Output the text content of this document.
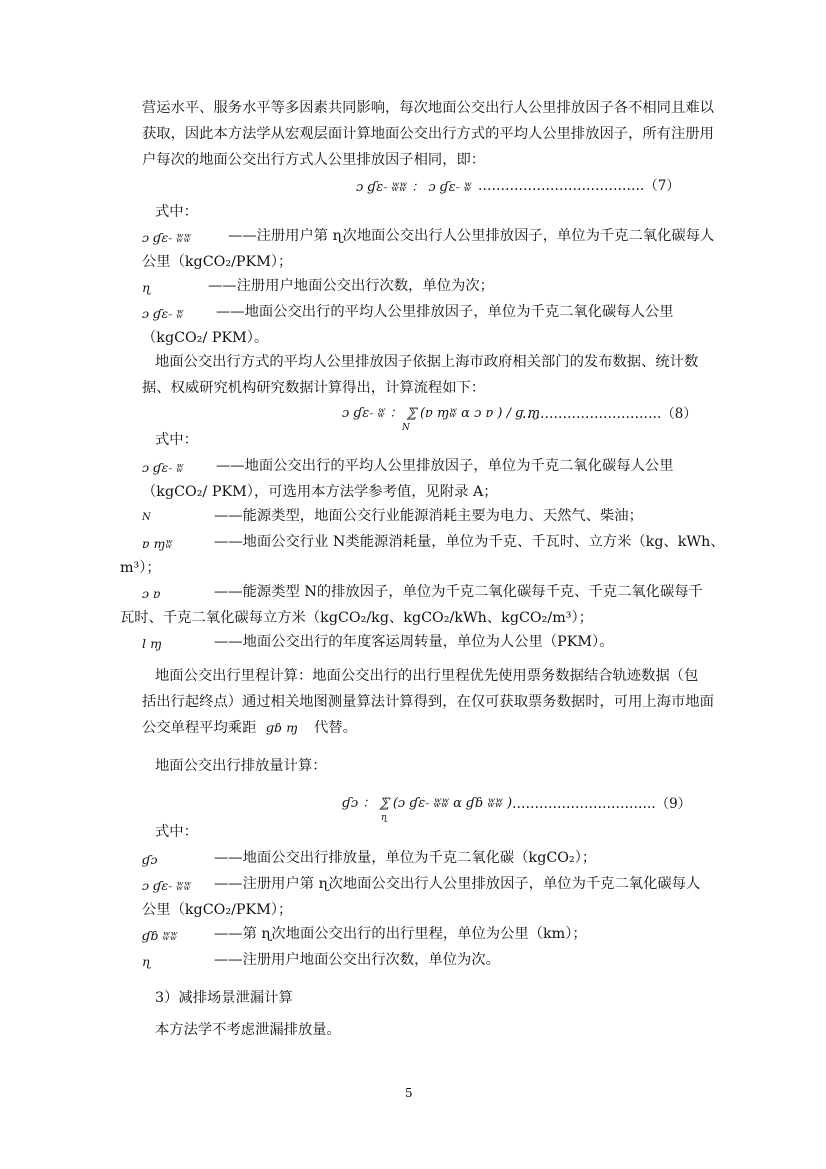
营运水平、服务水平等多因素共同影响，每次地面公交出行人公里排放因子各不相同且难以
获取，因此本方法学从宏观层面计算地面公交出行方式的平均人公里排放因子，所有注册用
户每次的地面公交出行方式人公里排放因子相同，即：
ɔ ɠɛ ̵ ʬʬ ： ɔ ɠɛ ̵ ʬ ……………………………….（7）
式中：
ɔ ɠɛ ̵ ʬʬ	——注册用户第 ɳ次地面公交出行人公里排放因子，单位为千克二氧化碳每人
公里（kgCO₂/PKM）；
ɳ	——注册用户地面公交出行次数，单位为次；
ɔ ɠɛ ̵ ʬ ——地面公交出行的平均人公里排放因子，单位为千克二氧化碳每人公里
（kgCO₂/ PKM）。
地面公交出行方式的平均人公里排放因子依据上海市政府相关部门的发布数据、统计数
据、权威研究机构研究数据计算得出，计算流程如下：
ɔ ɠɛ ̵ ʬ ： ⅀ (ɐ ɱʬ ɑ ɔ ɐ ) / ɡ ɱ
N
………………………….（8）
式中：
ɔ ɠɛ ̵ ʬ ——地面公交出行的平均人公里排放因子，单位为千克二氧化碳每人公里
（kgCO₂/ PKM），可选用本方法学参考值，见附录 A；
N	——能源类型，地面公交行业能源消耗主要为电力、天然气、柴油；
ɐ ɱʬ	——地面公交行业 N类能源消耗量，单位为千克、千瓦时、立方米（kg、kWh、
m³）；
ɔ ɐ	——能源类型 N的排放因子，单位为千克二氧化碳每千克、千克二氧化碳每千
瓦时、千克二氧化碳每立方米（kgCO₂/kg、kgCO₂/kWh、kgCO₂/m³）；
l ɱ	——地面公交出行的年度客运周转量，单位为人公里（PKM）。
地面公交出行里程计算：地面公交出行的出行里程优先使用票务数据结合轨迹数据（包
括出行起终点）通过相关地图测量算法计算得到，在仅可获取票务数据时，可用上海市地面
公交单程平均乘距 ɡɓ ɱ 代替。
地面公交出行排放量计算：
ɠɔ ： ⅀ (ɔ ɠɛ ̵ ʬʬ ɑ ɠɓ ʬʬ )
ɳ
…………………………..（9）
式中：
ɠɔ	——地面公交出行排放量，单位为千克二氧化碳（kgCO₂）；
ɔ ɠɛ ̵ ʬʬ ——注册用户第 ɳ次地面公交出行人公里排放因子，单位为千克二氧化碳每人
公里（kgCO₂/PKM）；
ɠɓ ʬʬ	——第 ɳ次地面公交出行的出行里程，单位为公里（km）；
ɳ	——注册用户地面公交出行次数，单位为次。
3）减排场景泄漏计算
本方法学不考虑泄漏排放量。
5
